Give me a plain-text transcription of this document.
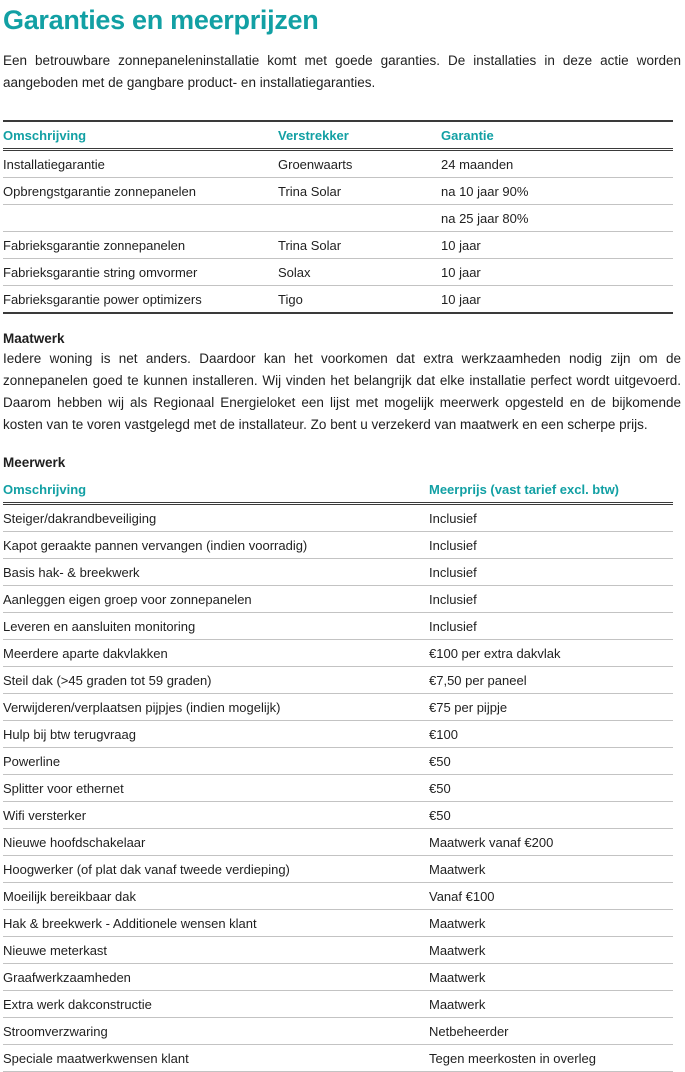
Garanties en meerprijzen

Een betrouwbare zonnepaneleninstallatie komt met goede garanties. De installaties in deze actie worden aangeboden met de gangbare product- en installatiegaranties.

Omschrijving	Verstrekker	Garantie
Installatiegarantie	Groenwaarts	24 maanden
Opbrengstgarantie zonnepanelen	Trina Solar	na 10 jaar 90%
		na 25 jaar 80%
Fabrieksgarantie zonnepanelen	Trina Solar	10 jaar
Fabrieksgarantie string omvormer	Solax	10 jaar
Fabrieksgarantie power optimizers	Tigo	10 jaar
Maatwerk

Iedere woning is net anders. Daardoor kan het voorkomen dat extra werkzaamheden nodig zijn om de zonnepanelen goed te kunnen installeren. Wij vinden het belangrijk dat elke installatie perfect wordt uitgevoerd. Daarom hebben wij als Regionaal Energieloket een lijst met mogelijk meerwerk opgesteld en de bijkomende kosten van te voren vastgelegd met de installateur. Zo bent u verzekerd van maatwerk en een scherpe prijs.

Meerwerk
Omschrijving	Meerprijs (vast tarief excl. btw)
Steiger/dakrandbeveiliging	Inclusief
Kapot geraakte pannen vervangen (indien voorradig)	Inclusief
Basis hak- & breekwerk	Inclusief
Aanleggen eigen groep voor zonnepanelen	Inclusief
Leveren en aansluiten monitoring	Inclusief
Meerdere aparte dakvlakken	€100 per extra dakvlak
Steil dak (>45 graden tot 59 graden)	€7,50 per paneel
Verwijderen/verplaatsen pijpjes (indien mogelijk)	€75 per pijpje
Hulp bij btw terugvraag	€100
Powerline	€50
Splitter voor ethernet	€50
Wifi versterker	€50
Nieuwe hoofdschakelaar	Maatwerk vanaf €200
Hoogwerker (of plat dak vanaf tweede verdieping)	Maatwerk
Moeilijk bereikbaar dak	Vanaf €100
Hak & breekwerk - Additionele wensen klant	Maatwerk
Nieuwe meterkast	Maatwerk
Graafwerkzaamheden	Maatwerk
Extra werk dakconstructie	Maatwerk
Stroomverzwaring	Netbeheerder
Speciale maatwerkwensen klant	Tegen meerkosten in overleg
